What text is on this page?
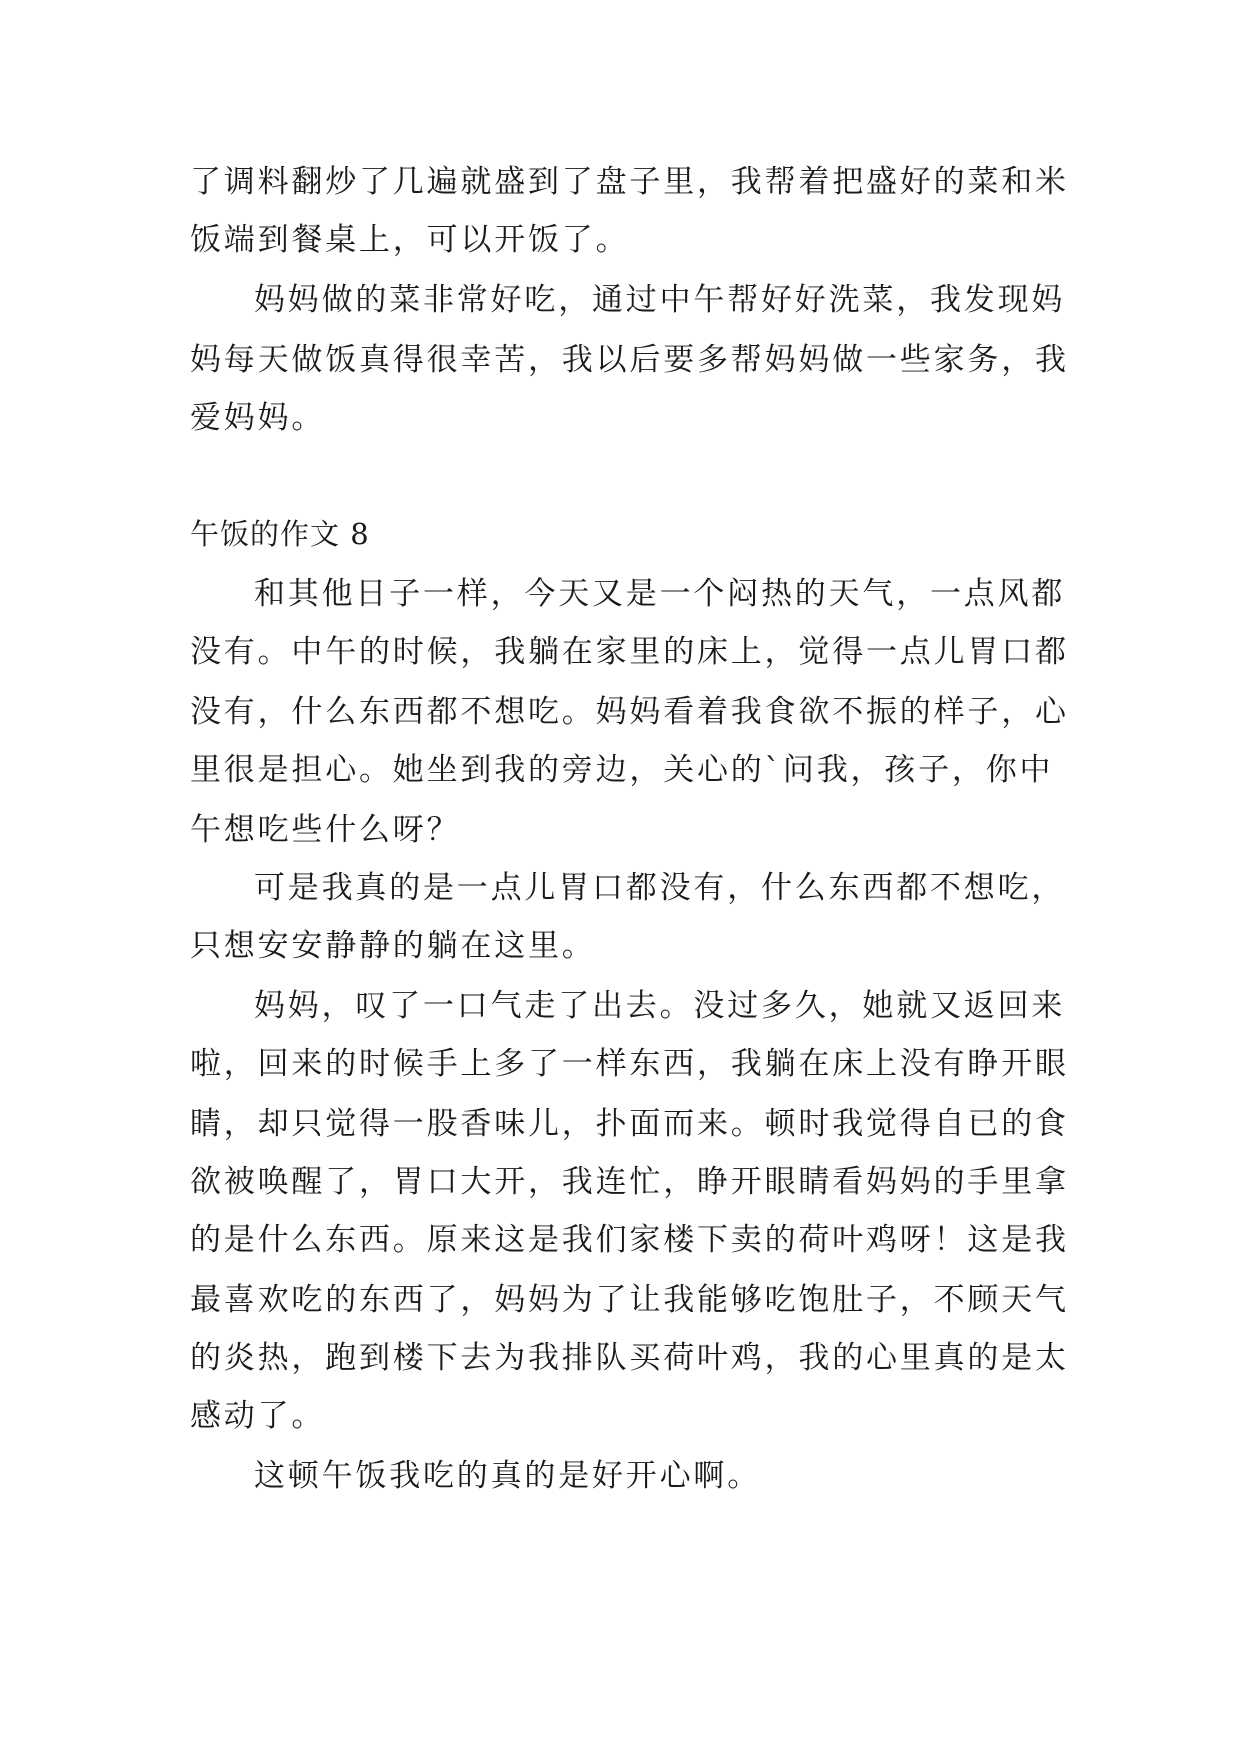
了调料翻炒了几遍就盛到了盘子里，我帮着把盛好的菜和米
饭端到餐桌上，可以开饭了。
妈妈做的菜非常好吃，通过中午帮好好洗菜，我发现妈
妈每天做饭真得很幸苦，我以后要多帮妈妈做一些家务，我
爱妈妈。
午饭的作文 8
和其他日子一样，今天又是一个闷热的天气，一点风都
没有。中午的时候，我躺在家里的床上，觉得一点儿胃口都
没有，什么东西都不想吃。妈妈看着我食欲不振的样子，心
里很是担心。她坐到我的旁边，关心的`问我，孩子，你中
午想吃些什么呀？
可是我真的是一点儿胃口都没有，什么东西都不想吃，
只想安安静静的躺在这里。
妈妈，叹了一口气走了出去。没过多久，她就又返回来
啦，回来的时候手上多了一样东西，我躺在床上没有睁开眼
睛，却只觉得一股香味儿，扑面而来。顿时我觉得自已的食
欲被唤醒了，胃口大开，我连忙，睁开眼睛看妈妈的手里拿
的是什么东西。原来这是我们家楼下卖的荷叶鸡呀！这是我
最喜欢吃的东西了，妈妈为了让我能够吃饱肚子，不顾天气
的炎热，跑到楼下去为我排队买荷叶鸡，我的心里真的是太
感动了。
这顿午饭我吃的真的是好开心啊。
